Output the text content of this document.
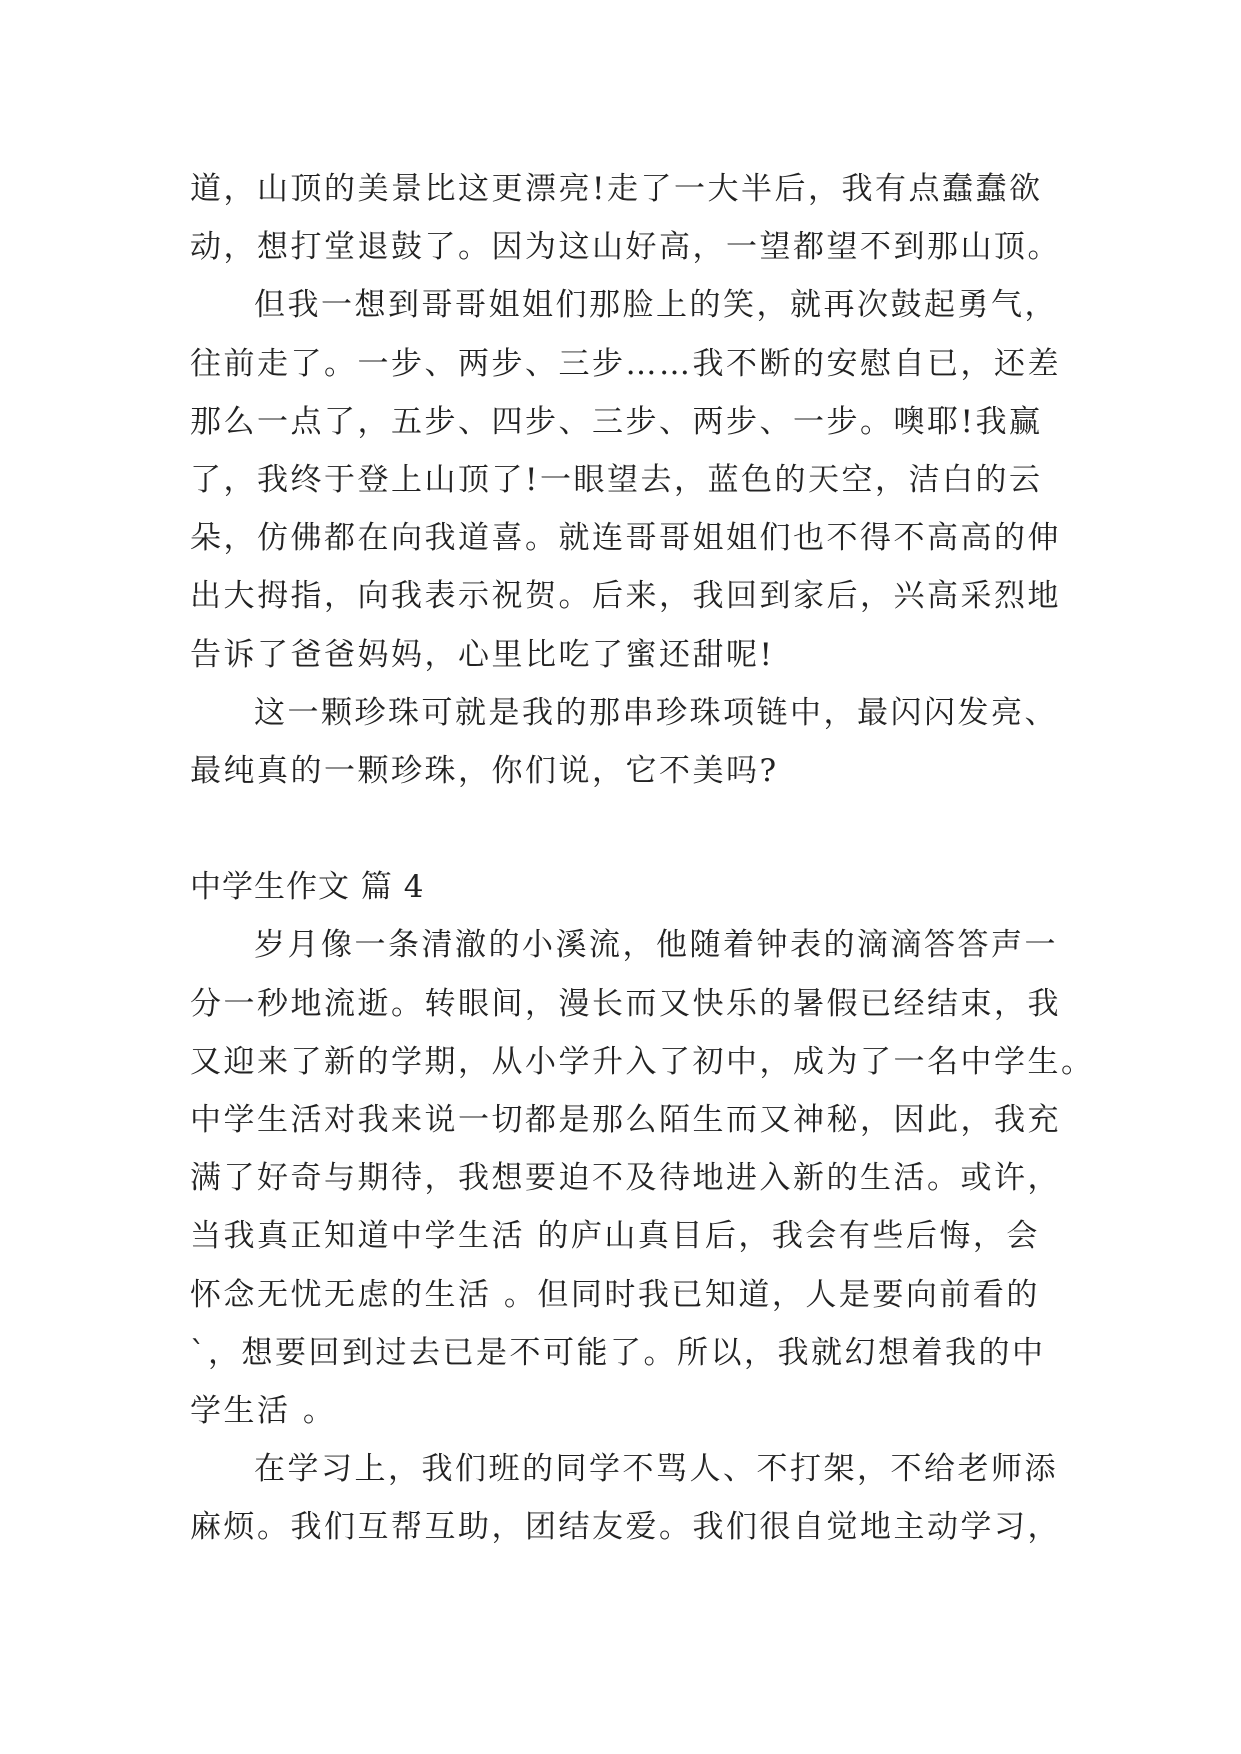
道，山顶的美景比这更漂亮!走了一大半后，我有点蠢蠢欲
动，想打堂退鼓了。因为这山好高，一望都望不到那山顶。
但我一想到哥哥姐姐们那脸上的笑，就再次鼓起勇气，
往前走了。一步、两步、三步……我不断的安慰自已，还差
那么一点了，五步、四步、三步、两步、一步。噢耶!我赢
了，我终于登上山顶了!一眼望去，蓝色的天空，洁白的云
朵，仿佛都在向我道喜。就连哥哥姐姐们也不得不高高的伸
出大拇指，向我表示祝贺。后来，我回到家后，兴高采烈地
告诉了爸爸妈妈，心里比吃了蜜还甜呢!
这一颗珍珠可就是我的那串珍珠项链中，最闪闪发亮、
最纯真的一颗珍珠，你们说，它不美吗?
中学生作文 篇 4
岁月像一条清澈的小溪流，他随着钟表的滴滴答答声一
分一秒地流逝。转眼间，漫长而又快乐的暑假已经结束，我
又迎来了新的学期，从小学升入了初中，成为了一名中学生。
中学生活对我来说一切都是那么陌生而又神秘，因此，我充
满了好奇与期待，我想要迫不及待地进入新的生活。或许，
当我真正知道中学生活 的庐山真目后，我会有些后悔，会
怀念无忧无虑的生活 。但同时我已知道，人是要向前看的
`，想要回到过去已是不可能了。所以，我就幻想着我的中
学生活 。
在学习上，我们班的同学不骂人、不打架，不给老师添
麻烦。我们互帮互助，团结友爱。我们很自觉地主动学习，
